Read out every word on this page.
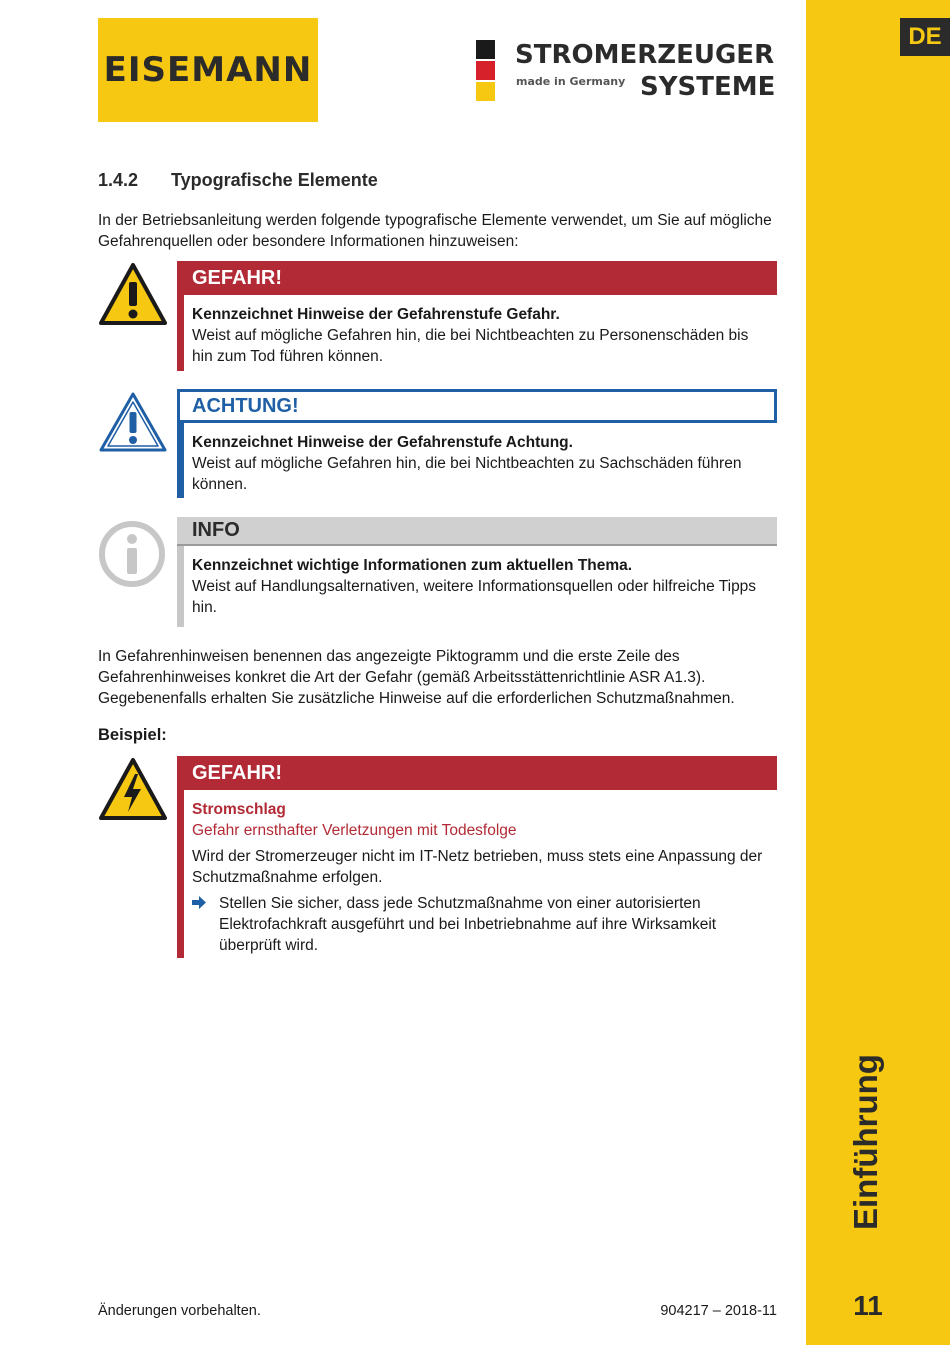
DE
Einführung
11
EISEMANN	STROMERZEUGER
made in Germany SYSTEME
1.4.2 Typografische Elemente
In der Betriebsanleitung werden folgende typografische Elemente verwendet, um Sie auf mögliche Gefahrenquellen oder besondere Informationen hinzuweisen:
GEFAHR!
Kennzeichnet Hinweise der Gefahrenstufe Gefahr.
Weist auf mögliche Gefahren hin, die bei Nichtbeachten zu Personenschäden bis hin zum Tod führen können.
ACHTUNG!
Kennzeichnet Hinweise der Gefahrenstufe Achtung.
Weist auf mögliche Gefahren hin, die bei Nichtbeachten zu Sachschäden führen können.
INFO
Kennzeichnet wichtige Informationen zum aktuellen Thema.
Weist auf Handlungsalternativen, weitere Informationsquellen oder hilfreiche Tipps hin.
In Gefahrenhinweisen benennen das angezeigte Piktogramm und die erste Zeile des Gefahrenhinweises konkret die Art der Gefahr (gemäß Arbeitsstättenrichtlinie ASR A1.3). Gegebenenfalls erhalten Sie zusätzliche Hinweise auf die erforderlichen Schutzmaßnahmen.
Beispiel:
GEFAHR!
Stromschlag
Gefahr ernsthafter Verletzungen mit Todesfolge
Wird der Stromerzeuger nicht im IT-Netz betrieben, muss stets eine Anpassung der Schutzmaßnahme erfolgen.
Stellen Sie sicher, dass jede Schutzmaßnahme von einer autorisierten Elektrofachkraft ausgeführt und bei Inbetriebnahme auf ihre Wirksamkeit überprüft wird.
Änderungen vorbehalten.	904217 – 2018-11
